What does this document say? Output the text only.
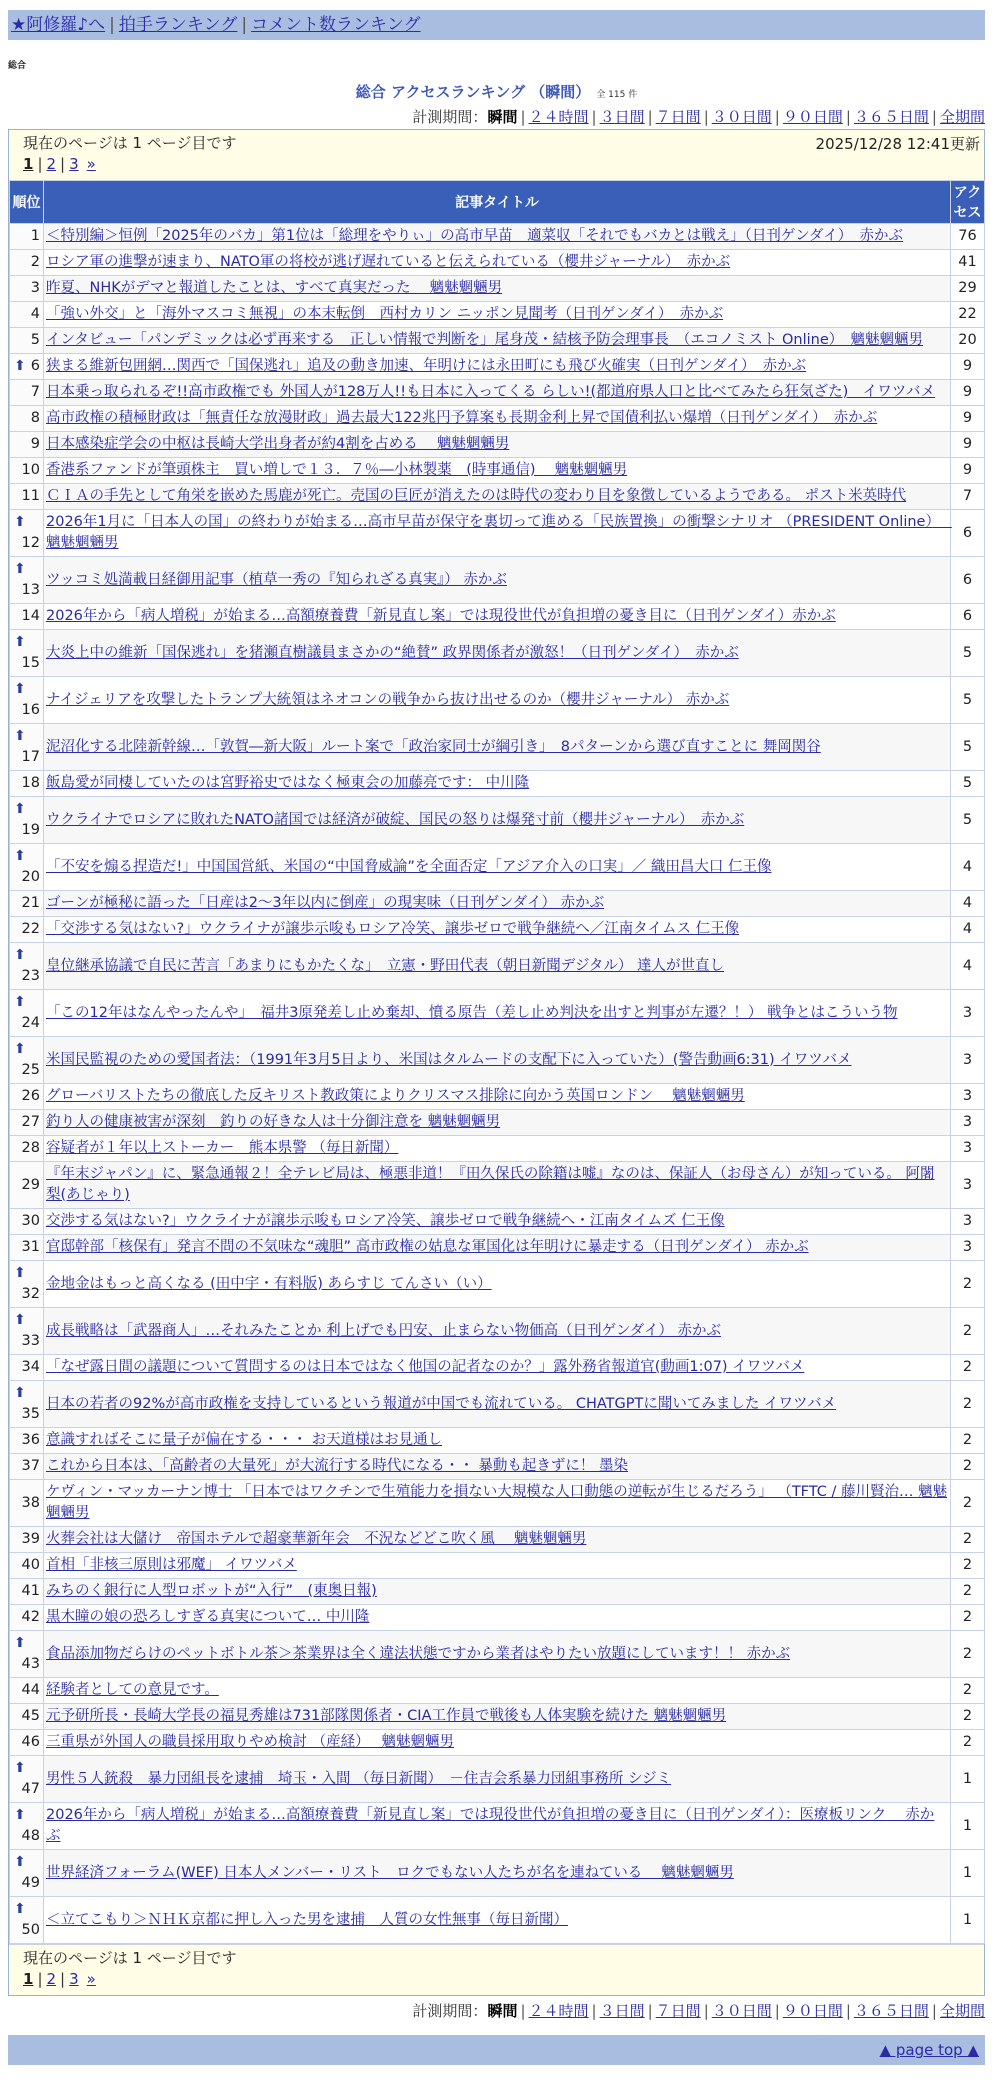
★阿修羅♪へ | 拍手ランキング | コメント数ランキング
総合
総合 アクセスランキング （瞬間） 全 115 件
計測期間：瞬間 | ２４時間 | ３日間 | ７日間 | ３０日間 | ９０日間 | ３６５日間 | 全期間
現在のページは 1 ページ目です	2025/12/28 12:41更新
1 | 2 | 3 »
順位	記事タイトル	アクセス
1	＜特別編＞恒例「2025年のバカ」第1位は「総理をやりぃ」の高市早苗　適菜収「それでもバカとは戦え」（日刊ゲンダイ）　赤かぶ	76
2	ロシア軍の進撃が速まり、NATO軍の将校が逃げ遅れていると伝えられている（櫻井ジャーナル）　赤かぶ	41
3	昨夏、NHKがデマと報道したことは、すべて真実だった　 魑魅魍魎男	29
4	「強い外交」と「海外マスコミ無視」の本末転倒　西村カリン ニッポン見聞考（日刊ゲンダイ）　赤かぶ	22
5	インタビュー「パンデミックは必ず再来する　正しい情報で判断を」尾身茂・結核予防会理事長　（エコノミスト Online）　魑魅魍魎男	20

⬆ 6	狭まる維新包囲網…関西で「国保逃れ」追及の動き加速、年明けには永田町にも飛び火確実（日刊ゲンダイ）　赤かぶ	9
7	日本乗っ取られるぞ!!高市政権でも 外国人が128万人!!も日本に入ってくる らしい!(都道府県人口と比べてみたら狂気ざた)　イワツバメ	9
8	高市政権の積極財政は「無責任な放漫財政」過去最大122兆円予算案も長期金利上昇で国債利払い爆増（日刊ゲンダイ）　赤かぶ	9
9	日本感染症学会の中枢は長崎大学出身者が約4割を占める　 魑魅魍魎男	9
10	香港系ファンドが筆頭株主　買い増しで１３．７％―小林製薬　(時事通信)　 魑魅魍魎男	9
11	ＣＩＡの手先として角栄を嵌めた馬鹿が死亡。売国の巨匠が消えたのは時代の変わり目を象徴しているようである。 ポスト米英時代	7

⬆
12	2026年1月に「日本人の国」の終わりが始まる…高市早苗が保守を裏切って進める「民族置換」の衝撃シナリオ （PRESIDENT Online）　 魑魅魍魎男	6

⬆
13	ツッコミ処満載日経御用記事（植草一秀の『知られざる真実』） 赤かぶ	6
14	2026年から「病人増税」が始まる…高額療養費「新見直し案」では現役世代が負担増の憂き目に（日刊ゲンダイ）赤かぶ	6

⬆
15	大炎上中の維新「国保逃れ」を猪瀬直樹議員まさかの“絶賛” 政界関係者が激怒！（日刊ゲンダイ）　赤かぶ	5

⬆
16	ナイジェリアを攻撃したトランプ大統領はネオコンの戦争から抜け出せるのか（櫻井ジャーナル） 赤かぶ	5

⬆
17	泥沼化する北陸新幹線…「敦賀―新大阪」ルート案で「政治家同士が綱引き」　8パターンから選び直すことに 舞岡関谷	5
18	飯島愛が同棲していたのは宮野裕史ではなく極東会の加藤亮です： 中川隆	5

⬆
19	ウクライナでロシアに敗れたNATO諸国では経済が破綻、国民の怒りは爆発寸前（櫻井ジャーナル）　赤かぶ	5

⬆
20	「不安を煽る捏造だ!」中国国営紙、米国の“中国脅威論”を全面否定「アジア介入の口実」／ 織田昌大口 仁王像	4
21	ゴーンが極秘に語った「日産は2～3年以内に倒産」の現実味（日刊ゲンダイ） 赤かぶ	4
22	「交渉する気はない?」ウクライナが譲歩示唆もロシア冷笑、譲歩ゼロで戦争継続へ／江南タイムス 仁王像	4

⬆
23	皇位継承協議で自民に苦言「あまりにもかたくな」　立憲・野田代表（朝日新聞デジタル） 達人が世直し	4

⬆
24	「この12年はなんやったんや」　福井3原発差し止め棄却、憤る原告（差し止め判決を出すと判事が左遷？！） 戦争とはこういう物	3

⬆
25	米国民監視のための愛国者法：（1991年3月5日より、米国はタルムードの支配下に入っていた）(警告動画6:31) イワツバメ	3
26	グローバリストたちの徹底した反キリスト教政策によりクリスマス排除に向かう英国ロンドン　 魑魅魍魎男	3
27	釣り人の健康被害が深刻　釣りの好きな人は十分御注意を 魑魅魍魎男	3
28	容疑者が１年以上ストーカー　熊本県警 （毎日新聞）	3
29	『年末ジャパン』に、緊急通報２！全テレビ局は、極悪非道！『田久保氏の除籍は嘘』なのは、保証人（お母さん）が知っている。 阿闍梨(あじゃり)	3
30	交渉する気はない?」ウクライナが譲歩示唆もロシア冷笑、譲歩ゼロで戦争継続へ・江南タイムズ 仁王像	3
31	官邸幹部「核保有」発言不問の不気味な“魂胆” 高市政権の姑息な軍国化は年明けに暴走する（日刊ゲンダイ） 赤かぶ	3

⬆
32	金地金はもっと高くなる (田中宇・有料版) あらすじ てんさい（い）	2

⬆
33	成長戦略は「武器商人」…それみたことか 利上げでも円安、止まらない物価高（日刊ゲンダイ） 赤かぶ	2
34	「なぜ露日間の議題について質問するのは日本ではなく他国の記者なのか？」露外務省報道官(動画1:07) イワツバメ	2

⬆
35	日本の若者の92%が高市政権を支持しているという報道が中国でも流れている。 CHATGPTに聞いてみました イワツバメ	2
36	意識すればそこに量子が偏在する・・・ お天道様はお見通し	2
37	これから日本は、「高齢者の大量死」が大流行する時代になる・・ 暴動も起きずに！ 墨染	2
38	ケヴィン・マッカーナン博士 「日本ではワクチンで生殖能力を損ない大規模な人口動態の逆転が生じるだろう」 （TFTC / 藤川賢治… 魑魅魍魎男	2
39	火葬会社は大儲け　帝国ホテルで超豪華新年会　不況などどこ吹く風　 魑魅魍魎男	2
40	首相「非核三原則は邪魔」 イワツバメ	2
41	みちのく銀行に人型ロボットが“入行”　(東奥日報)	2
42	黒木瞳の娘の恐ろしすぎる真実について… 中川隆	2

⬆
43	食品添加物だらけのペットボトル茶＞茶業界は全く違法状態ですから業者はやりたい放題にしています！！ 赤かぶ	2
44	経験者としての意見です。	2
45	元予研所長・長崎大学長の福見秀雄は731部隊関係者・CIA工作員で戦後も人体実験を続けた 魑魅魍魎男	2
46	三重県が外国人の職員採用取りやめ検討 （産経）　 魑魅魍魎男	2

⬆
47	男性５人銃殺　暴力団組長を逮捕　埼玉・入間 （毎日新聞）　－住吉会系暴力団組事務所 シジミ	1

⬆
48	2026年から「病人増税」が始まる…高額療養費「新見直し案」では現役世代が負担増の憂き目に（日刊ゲンダイ）：医療板リンク　 赤かぶ	1

⬆
49	世界経済フォーラム(WEF) 日本人メンバー・リスト　ロクでもない人たちが名を連ねている　 魑魅魍魎男	1

⬆
50	＜立てこもり＞ＮＨＫ京都に押し入った男を逮捕　人質の女性無事（毎日新聞）	1
現在のページは 1 ページ目です
1 | 2 | 3 »
計測期間：瞬間 | ２４時間 | ３日間 | ７日間 | ３０日間 | ９０日間 | ３６５日間 | 全期間
▲ page top ▲
